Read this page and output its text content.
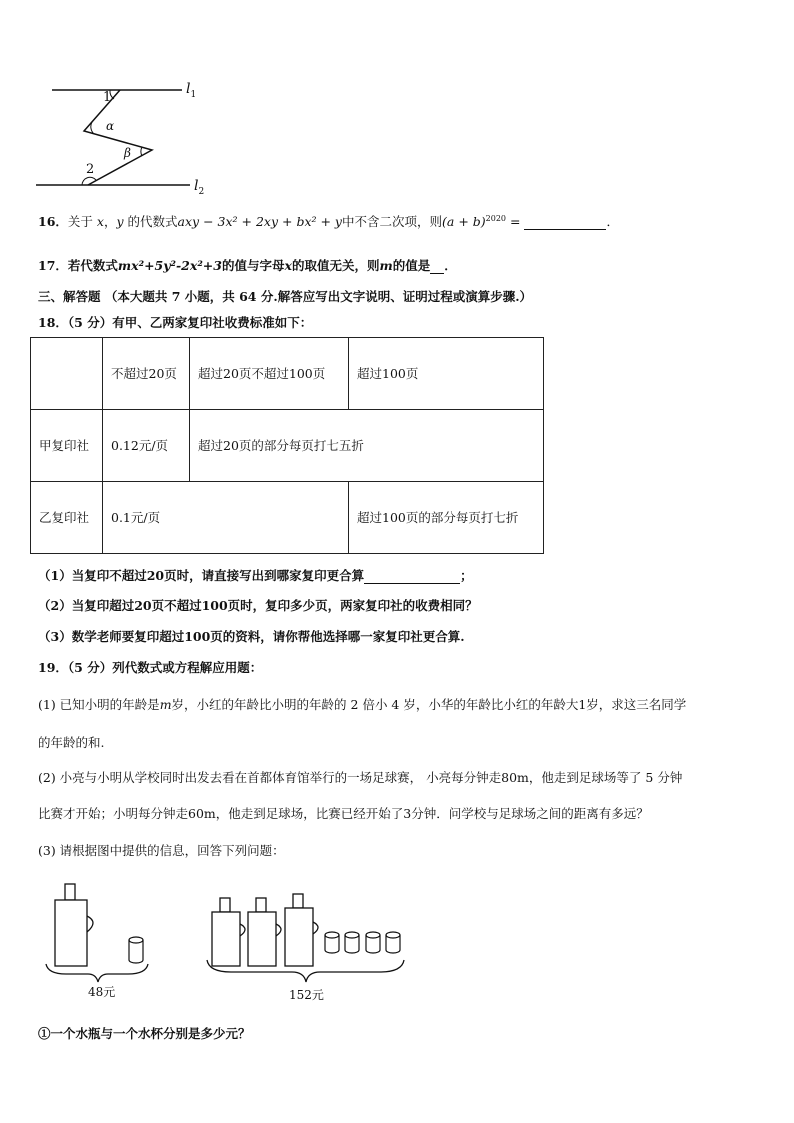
1
α
β
2
$l_1$
$l_2$
16．关于 x，y 的代数式axy − 3x² + 2xy + bx² + y中不含二次项，则$(a + b)^{2020}$ =	．
17．若代数式mx²+5y²-2x²+3的值与字母x的取值无关，则m的值是 ．
三、解答题 （本大题共 7 小题，共 64 分.解答应写出文字说明、证明过程或演算步骤.）
18．（5 分）有甲、乙两家复印社收费标准如下：

	不超过20页	超过20页不超过100页	超过100页

甲复印社	0.12元/页	超过20页的部分每页打七五折	

乙复印社	0.1元/页		超过100页的部分每页打七折
（1）当复印不超过20页时，请直接写出到哪家复印更合算	；
（2）当复印超过20页不超过100页时，复印多少页，两家复印社的收费相同？
（3）数学老师要复印超过100页的资料，请你帮他选择哪一家复印社更合算.
19．（5 分）列代数式或方程解应用题：
(1) 已知小明的年龄是m岁，小红的年龄比小明的年龄的 2 倍小 4 岁，小华的年龄比小红的年龄大1岁，求这三名同学
的年龄的和.
(2) 小亮与小明从学校同时出发去看在首都体育馆举行的一场足球赛， 小亮每分钟走80m，他走到足球场等了 5 分钟
比赛才开始；小明每分钟走60m，他走到足球场，比赛已经开始了3分钟．问学校与足球场之间的距离有多远？
(3) 请根据图中提供的信息，回答下列问题：
48元	152元
①一个水瓶与一个水杯分别是多少元？
